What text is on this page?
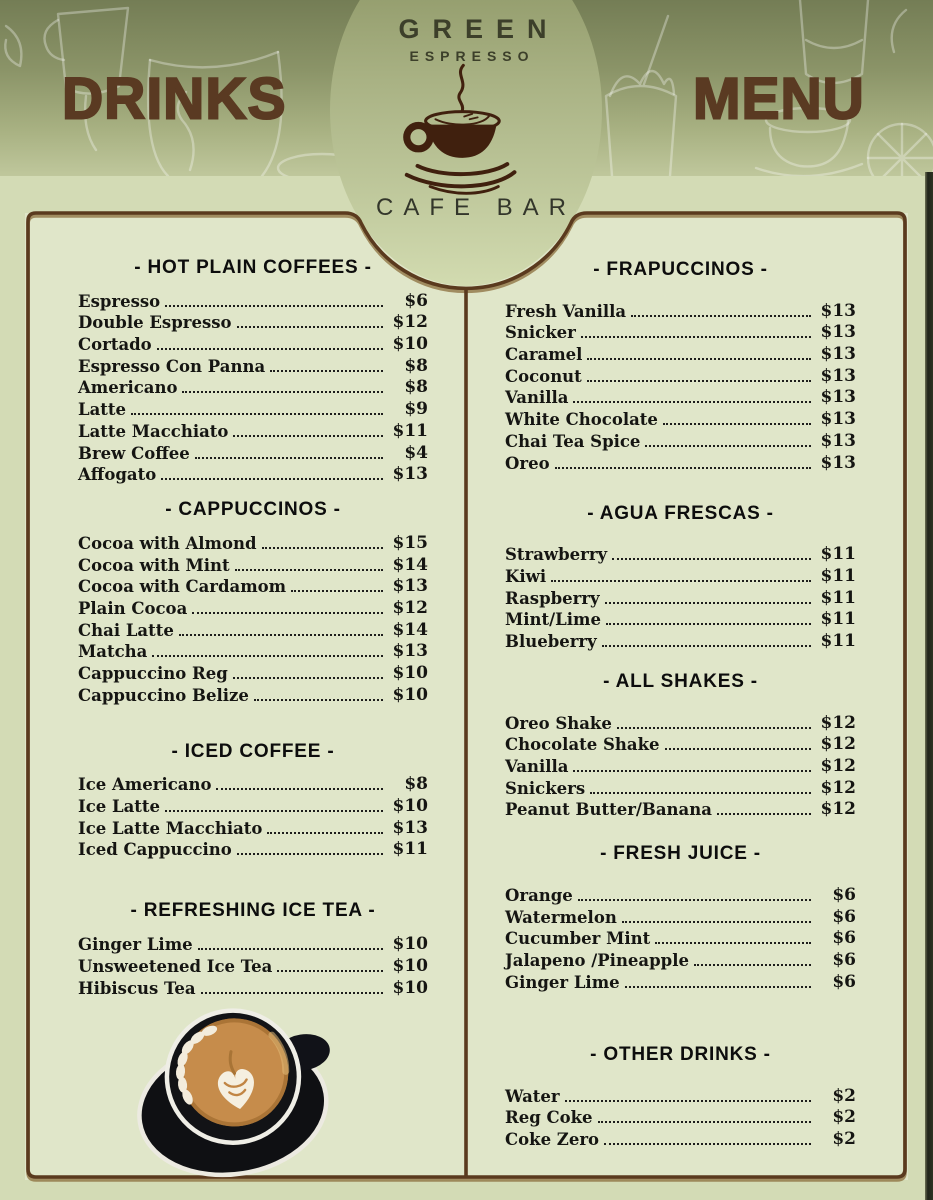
DRINKS	MENU
GREEN
ESPRESSO
CAFE BAR
- HOT PLAIN COFFEES -
Espresso	$6
Double Espresso	$12
Cortado	$10
Espresso Con Panna	$8
Americano	$8
Latte	$9
Latte Macchiato	$11
Brew Coffee	$4
Affogato	$13
- CAPPUCCINOS -
Cocoa with Almond	$15
Cocoa with Mint	$14
Cocoa with Cardamom	$13
Plain Cocoa	$12
Chai Latte	$14
Matcha	$13
Cappuccino Reg	$10
Cappuccino Belize	$10
- ICED COFFEE -
Ice Americano	$8
Ice Latte	$10
Ice Latte Macchiato	$13
Iced Cappuccino	$11
- REFRESHING ICE TEA -
Ginger Lime	$10
Unsweetened Ice Tea	$10
Hibiscus Tea	$10
- FRAPUCCINOS -
Fresh Vanilla	$13
Snicker	$13
Caramel	$13
Coconut	$13
Vanilla	$13
White Chocolate	$13
Chai Tea Spice	$13
Oreo	$13
- AGUA FRESCAS -
Strawberry	$11
Kiwi	$11
Raspberry	$11
Mint/Lime	$11
Blueberry	$11
- ALL SHAKES -
Oreo Shake	$12
Chocolate Shake	$12
Vanilla	$12
Snickers	$12
Peanut Butter/Banana	$12
- FRESH JUICE -
Orange	$6
Watermelon	$6
Cucumber Mint	$6
Jalapeno /Pineapple	$6
Ginger Lime	$6
- OTHER DRINKS -
Water	$2
Reg Coke	$2
Coke Zero	$2
